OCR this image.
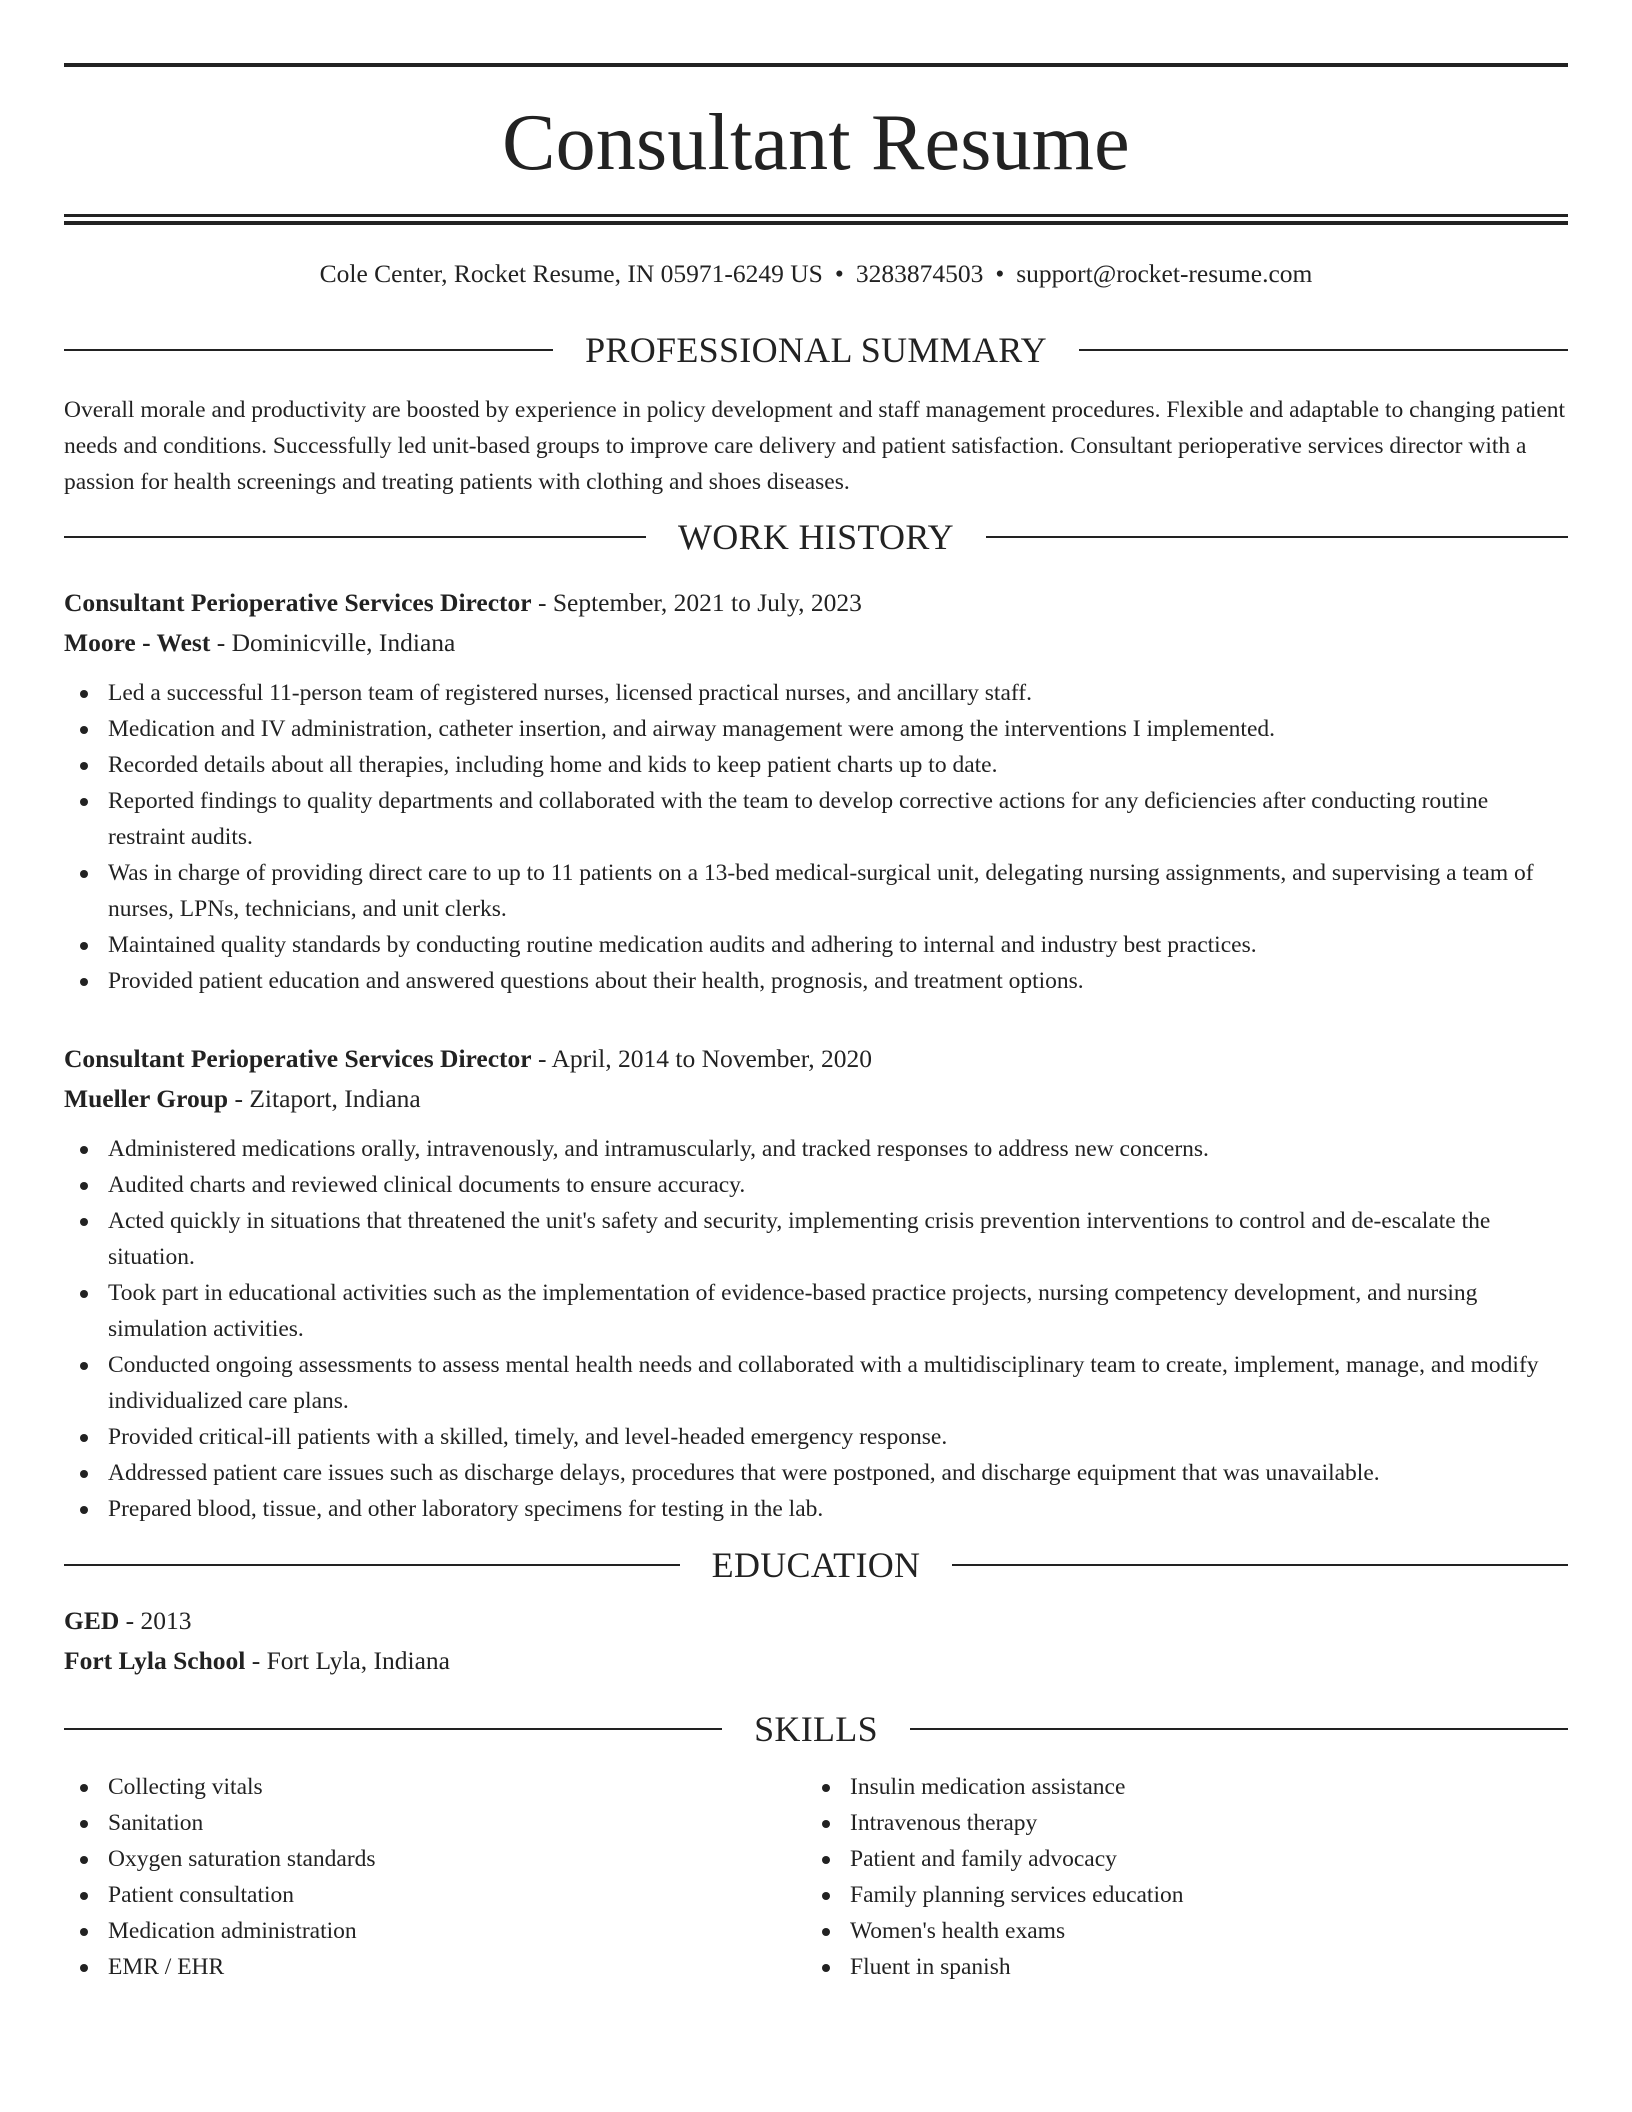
Consultant Resume
Cole Center, Rocket Resume, IN 05971-6249 US • 3283874503 • support@rocket-resume.com
PROFESSIONAL SUMMARY

Overall morale and productivity are boosted by experience in policy development and staff management procedures. Flexible and adaptable to changing patient needs and conditions. Successfully led unit-based groups to improve care delivery and patient satisfaction. Consultant perioperative services director with a passion for health screenings and treating patients with clothing and shoes diseases.

WORK HISTORY
Consultant Perioperative Services Director - September, 2021 to July, 2023
Moore - West - Dominicville, Indiana
Led a successful 11-person team of registered nurses, licensed practical nurses, and ancillary staff.
Medication and IV administration, catheter insertion, and airway management were among the interventions I implemented.
Recorded details about all therapies, including home and kids to keep patient charts up to date.
Reported findings to quality departments and collaborated with the team to develop corrective actions for any deficiencies after conducting routine restraint audits.
Was in charge of providing direct care to up to 11 patients on a 13-bed medical-surgical unit, delegating nursing assignments, and supervising a team of nurses, LPNs, technicians, and unit clerks.
Maintained quality standards by conducting routine medication audits and adhering to internal and industry best practices.
Provided patient education and answered questions about their health, prognosis, and treatment options.
Consultant Perioperative Services Director - April, 2014 to November, 2020
Mueller Group - Zitaport, Indiana
Administered medications orally, intravenously, and intramuscularly, and tracked responses to address new concerns.
Audited charts and reviewed clinical documents to ensure accuracy.
Acted quickly in situations that threatened the unit's safety and security, implementing crisis prevention interventions to control and de-escalate the situation.
Took part in educational activities such as the implementation of evidence-based practice projects, nursing competency development, and nursing simulation activities.
Conducted ongoing assessments to assess mental health needs and collaborated with a multidisciplinary team to create, implement, manage, and modify individualized care plans.
Provided critical-ill patients with a skilled, timely, and level-headed emergency response.
Addressed patient care issues such as discharge delays, procedures that were postponed, and discharge equipment that was unavailable.
Prepared blood, tissue, and other laboratory specimens for testing in the lab.
EDUCATION
GED - 2013
Fort Lyla School - Fort Lyla, Indiana
SKILLS
Collecting vitals
Sanitation
Oxygen saturation standards
Patient consultation
Medication administration
EMR / EHR
Insulin medication assistance
Intravenous therapy
Patient and family advocacy
Family planning services education
Women's health exams
Fluent in spanish
